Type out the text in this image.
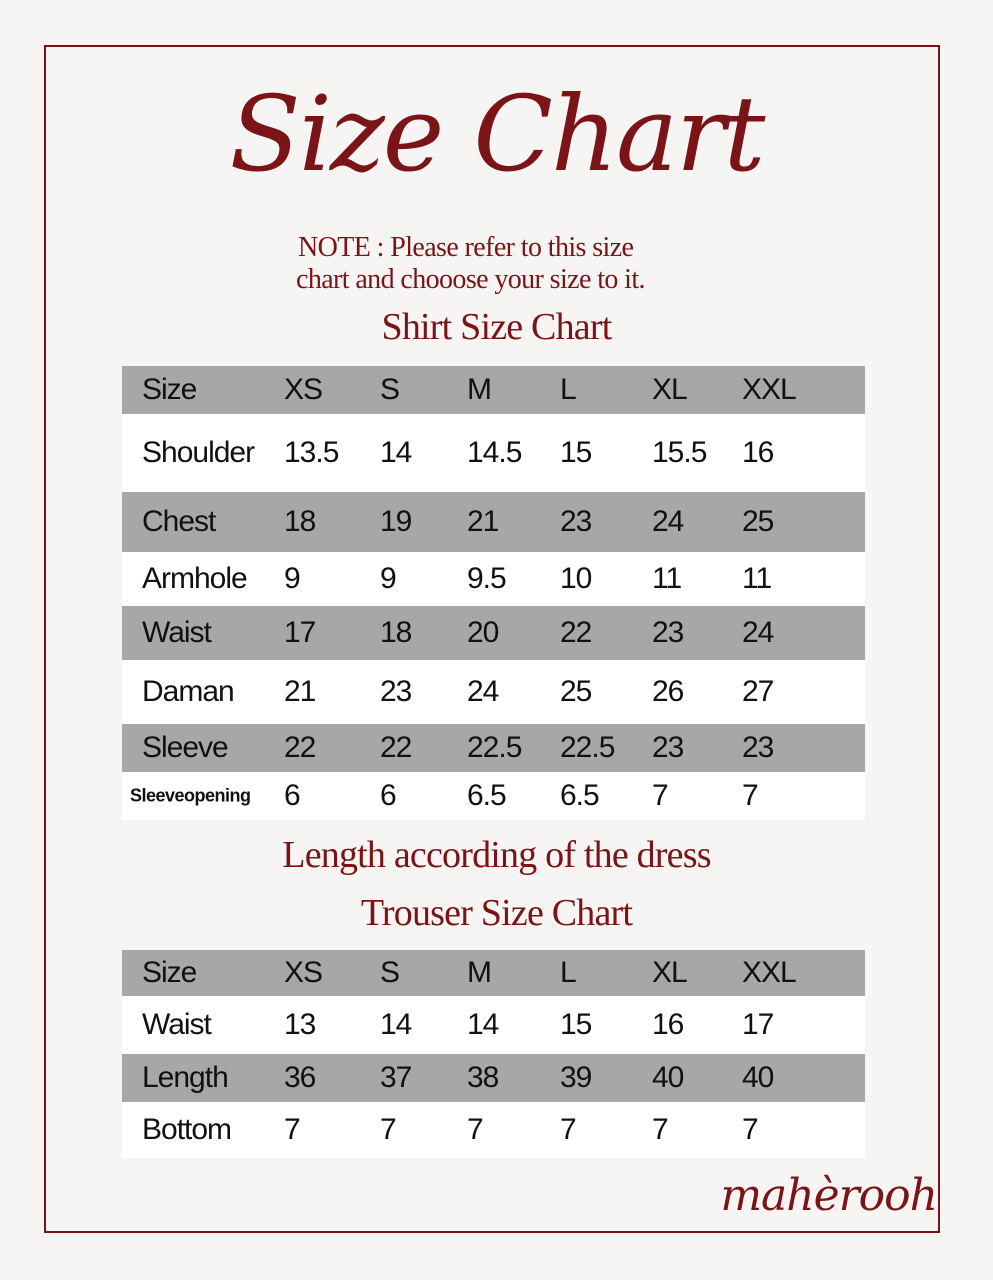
Size Chart
NOTE : Please refer to this size
chart and chooose your size to it.
Shirt Size Chart
Size	XS S M L	XL XXL
Shoulder 13.5 14 14.5 15 15.5 16
Chest 18 19 21 23 24 25
Armhole 9	9 9.5 10 11 11
Waist 17 18 20 22 23 24
Daman 21 23 24 25 26 27
Sleeve 22 22 22.5 22.5 23 23
Sleeveopening 6	6 6.5 6.5 7 7
Length according of the dress
Trouser Size Chart
Size	XS S M L	XL XXL
Waist 13 14 14 15 16 17
Length 36 37 38 39 40 40
Bottom 7	7 7	7	7 7
mahèrooh
